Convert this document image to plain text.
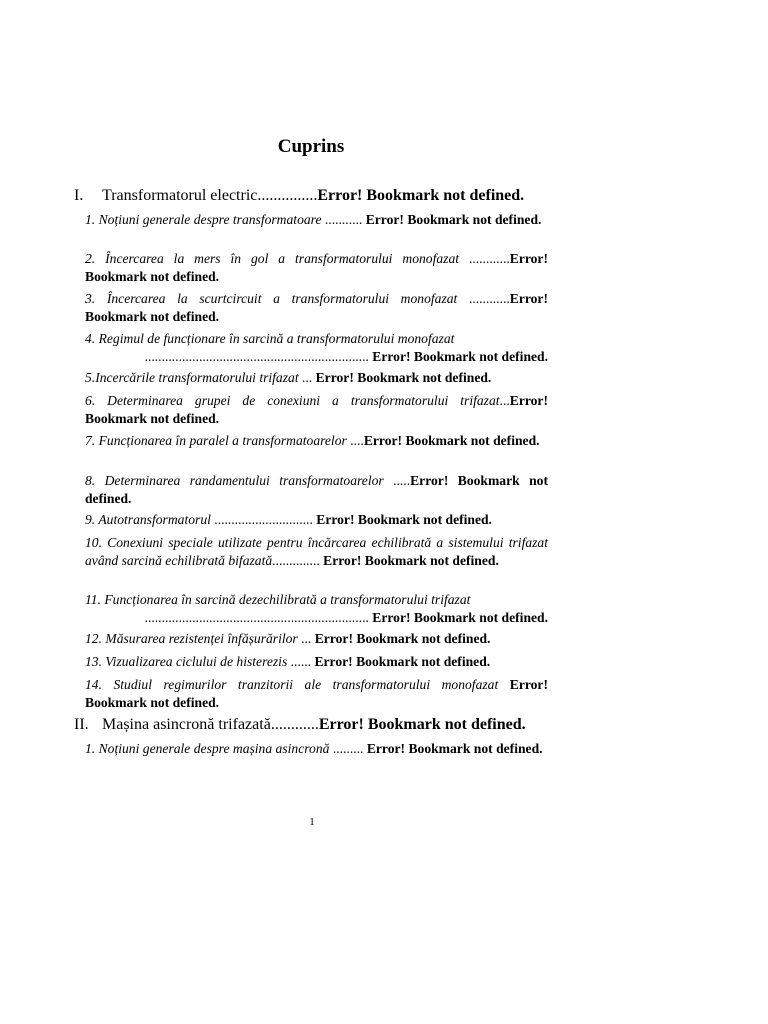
Cuprins
I.	Transformatorul electric ............... Error! Bookmark not defined.
1. Noțiuni generale despre transformatoare ........... Error! Bookmark not defined.
2. Încercarea la mers în gol a transformatorului monofazat ............Error! Bookmark not defined.
3. Încercarea la scurtcircuit a transformatorului monofazat ............Error! Bookmark not defined.
4. Regimul de funcționare în sarcină a transformatorului monofazat
.................................................................. Error! Bookmark not defined.
5.Incercările transformatorului trifazat ... Error! Bookmark not defined.
6. Determinarea grupei de conexiuni a transformatorului trifazat...Error! Bookmark not defined.
7. Funcționarea în paralel a transformatoarelor ....Error! Bookmark not defined.
8. Determinarea randamentului transformatoarelor .....Error! Bookmark not defined.
9. Autotransformatorul ............................. Error! Bookmark not defined.
10. Conexiuni speciale utilizate pentru încărcarea echilibrată a sistemului trifazat având sarcină echilibrată bifazată.............. Error! Bookmark not defined.
11. Funcționarea în sarcină dezechilibrată a transformatorului trifazat
.................................................................. Error! Bookmark not defined.
12. Măsurarea rezistenței înfășurărilor ... Error! Bookmark not defined.
13. Vizualizarea ciclului de histerezis ...... Error! Bookmark not defined.
14. Studiul regimurilor tranzitorii ale transformatorului monofazat Error! Bookmark not defined.
II. Mașina asincronă trifazată ............ Error! Bookmark not defined.
1. Noțiuni generale despre mașina asincronă ......... Error! Bookmark not defined.
1
